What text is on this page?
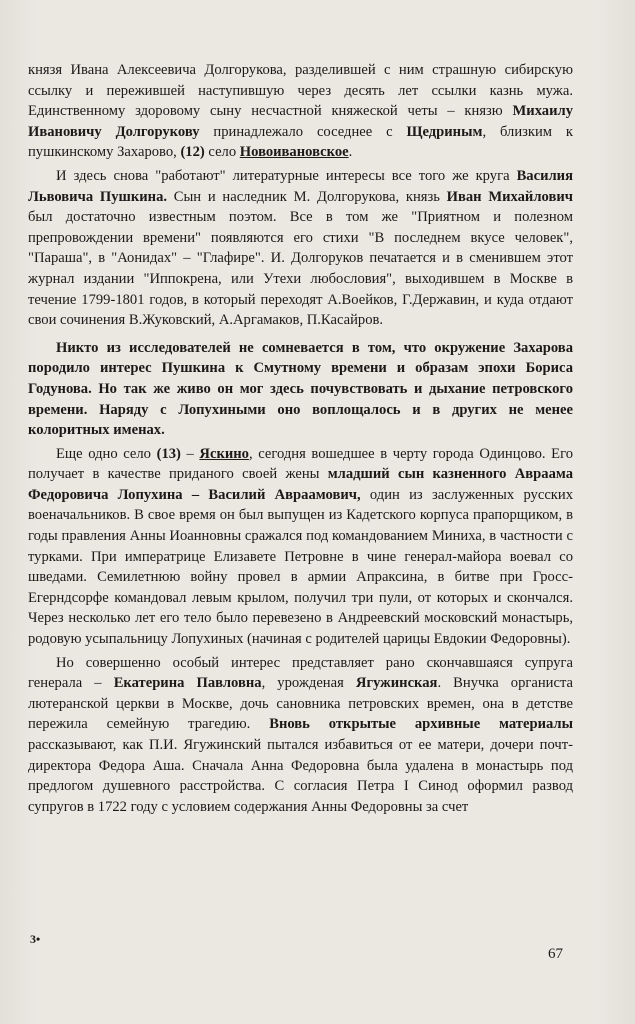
князя Ивана Алексеевича Долгорукова, разделившей с ним страшную сибирскую ссылку и пережившей наступившую через десять лет ссылки казнь мужа. Единственному здоровому сыну несчастной княжеской четы – князю Михаилу Ивановичу Долгорукову принадлежало соседнее с Щедриным, близким к пушкинскому Захарово, (12) село Новоивановское.

И здесь снова "работают" литературные интересы все того же круга Василия Львовича Пушкина. Сын и наследник М. Долгорукова, князь Иван Михайлович был достаточно известным поэтом. Все в том же "Приятном и полезном препровождении времени" появляются его стихи "В последнем вкусе человек", "Параша", в "Аонидах" – "Глафире". И. Долгоруков печатается и в сменившем этот журнал издании "Иппокрена, или Утехи любословия", выходившем в Москве в течение 1799-1801 годов, в который переходят А.Воейков, Г.Державин, и куда отдают свои сочинения В.Жуковский, А.Аргамаков, П.Касайров.

Никто из исследователей не сомневается в том, что окружение Захарова породило интерес Пушкина к Смутному времени и образам эпохи Бориса Годунова. Но так же живо он мог здесь почувствовать и дыхание петровского времени. Наряду с Лопухиными оно воплощалось и в других не менее колоритных именах.

Еще одно село (13) – Яскино, сегодня вошедшее в черту города Одинцово. Его получает в качестве приданого своей жены младший сын казненного Авраама Федоровича Лопухина – Василий Авраамович, один из заслуженных русских военачальников. В свое время он был выпущен из Кадетского корпуса прапорщиком, в годы правления Анны Иоанновны сражался под командованием Миниха, в частности с турками. При императрице Елизавете Петровне в чине генерал-майора воевал со шведами. Семилетнюю войну провел в армии Апраксина, в битве при Гросс-Егерндсорфе командовал левым крылом, получил три пули, от которых и скончался. Через несколько лет его тело было перевезено в Андреевский московский монастырь, родовую усыпальницу Лопухиных (начиная с родителей царицы Евдокии Федоровны).

Но совершенно особый интерес представляет рано скончавшаяся супруга генерала – Екатерина Павловна, урожденая Ягужинская. Внучка органиста лютеранской церкви в Москве, дочь сановника петровских времен, она в детстве пережила семейную трагедию. Вновь открытые архивные материалы рассказывают, как П.И. Ягужинский пытался избавиться от ее матери, дочери почт-директора Федора Аша. Сначала Анна Федоровна была удалена в монастырь под предлогом душевного расстройства. С согласия Петра I Синод оформил развод супругов в 1722 году с условием содержания Анны Федоровны за счет

3•
67
